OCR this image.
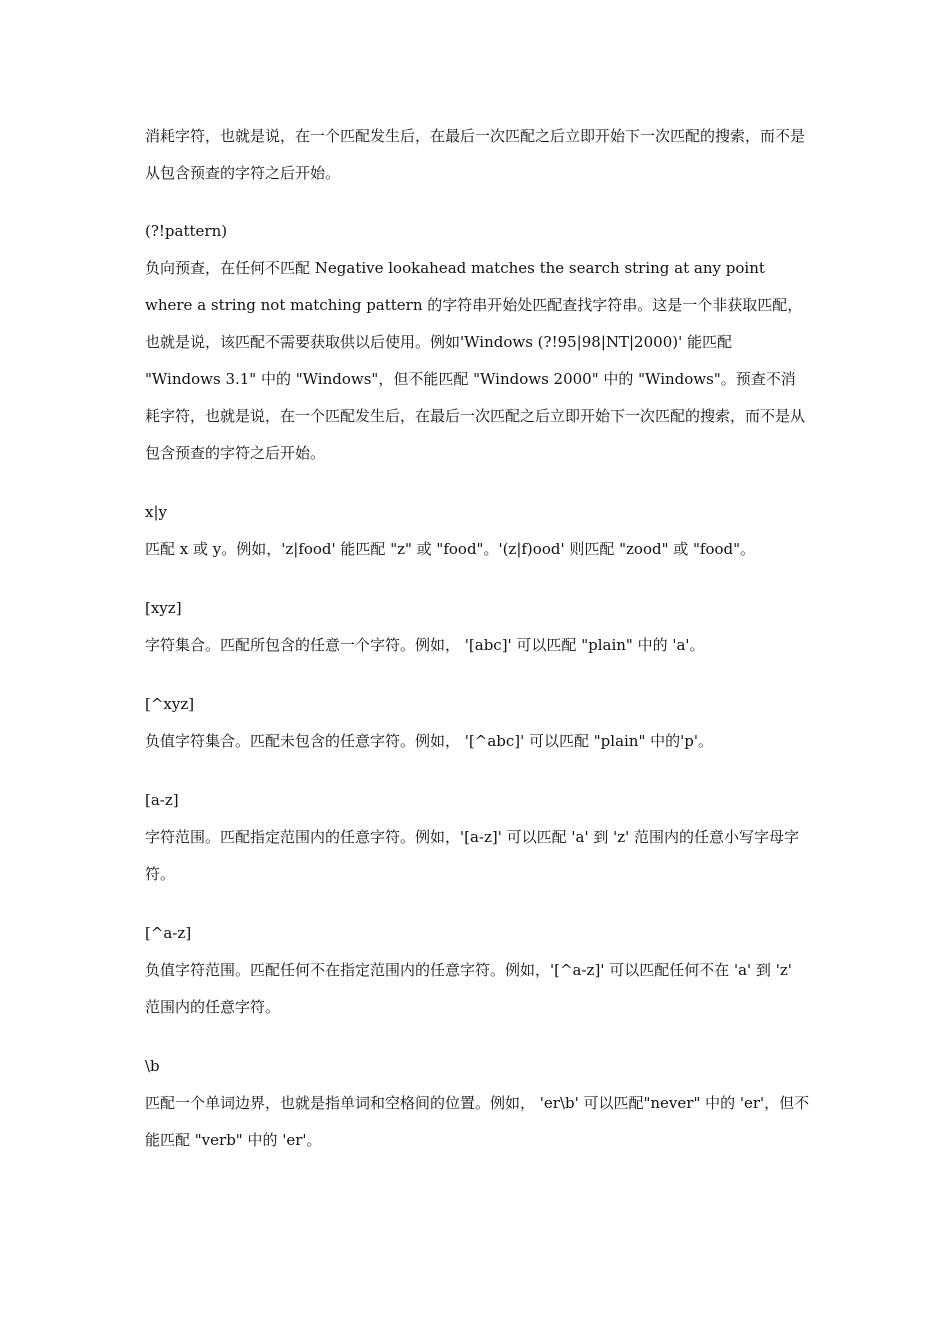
消耗字符，也就是说，在一个匹配发生后，在最后一次匹配之后立即开始下一次匹配的搜索，而不是从包含预查的字符之后开始。

(?!pattern)

负向预查，在任何不匹配 Negative lookahead matches the search string at any point where a string not matching pattern 的字符串开始处匹配查找字符串。这是一个非获取匹配，也就是说，该匹配不需要获取供以后使用。例如'Windows (?!95|98|NT|2000)' 能匹配 "Windows 3.1" 中的 "Windows"，但不能匹配 "Windows 2000" 中的 "Windows"。预查不消耗字符，也就是说，在一个匹配发生后，在最后一次匹配之后立即开始下一次匹配的搜索，而不是从包含预查的字符之后开始。

x|y

匹配 x 或 y。例如，'z|food' 能匹配 "z" 或 "food"。'(z|f)ood' 则匹配 "zood" 或 "food"。

[xyz]

字符集合。匹配所包含的任意一个字符。例如， '[abc]' 可以匹配 "plain" 中的 'a'。

[^xyz]

负值字符集合。匹配未包含的任意字符。例如， '[^abc]' 可以匹配 "plain" 中的'p'。

[a-z]

字符范围。匹配指定范围内的任意字符。例如，'[a-z]' 可以匹配 'a' 到 'z' 范围内的任意小写字母字符。

[^a-z]

负值字符范围。匹配任何不在指定范围内的任意字符。例如，'[^a-z]' 可以匹配任何不在 'a' 到 'z' 范围内的任意字符。

\b

匹配一个单词边界，也就是指单词和空格间的位置。例如， 'er\b' 可以匹配"never" 中的 'er'，但不能匹配 "verb" 中的 'er'。
